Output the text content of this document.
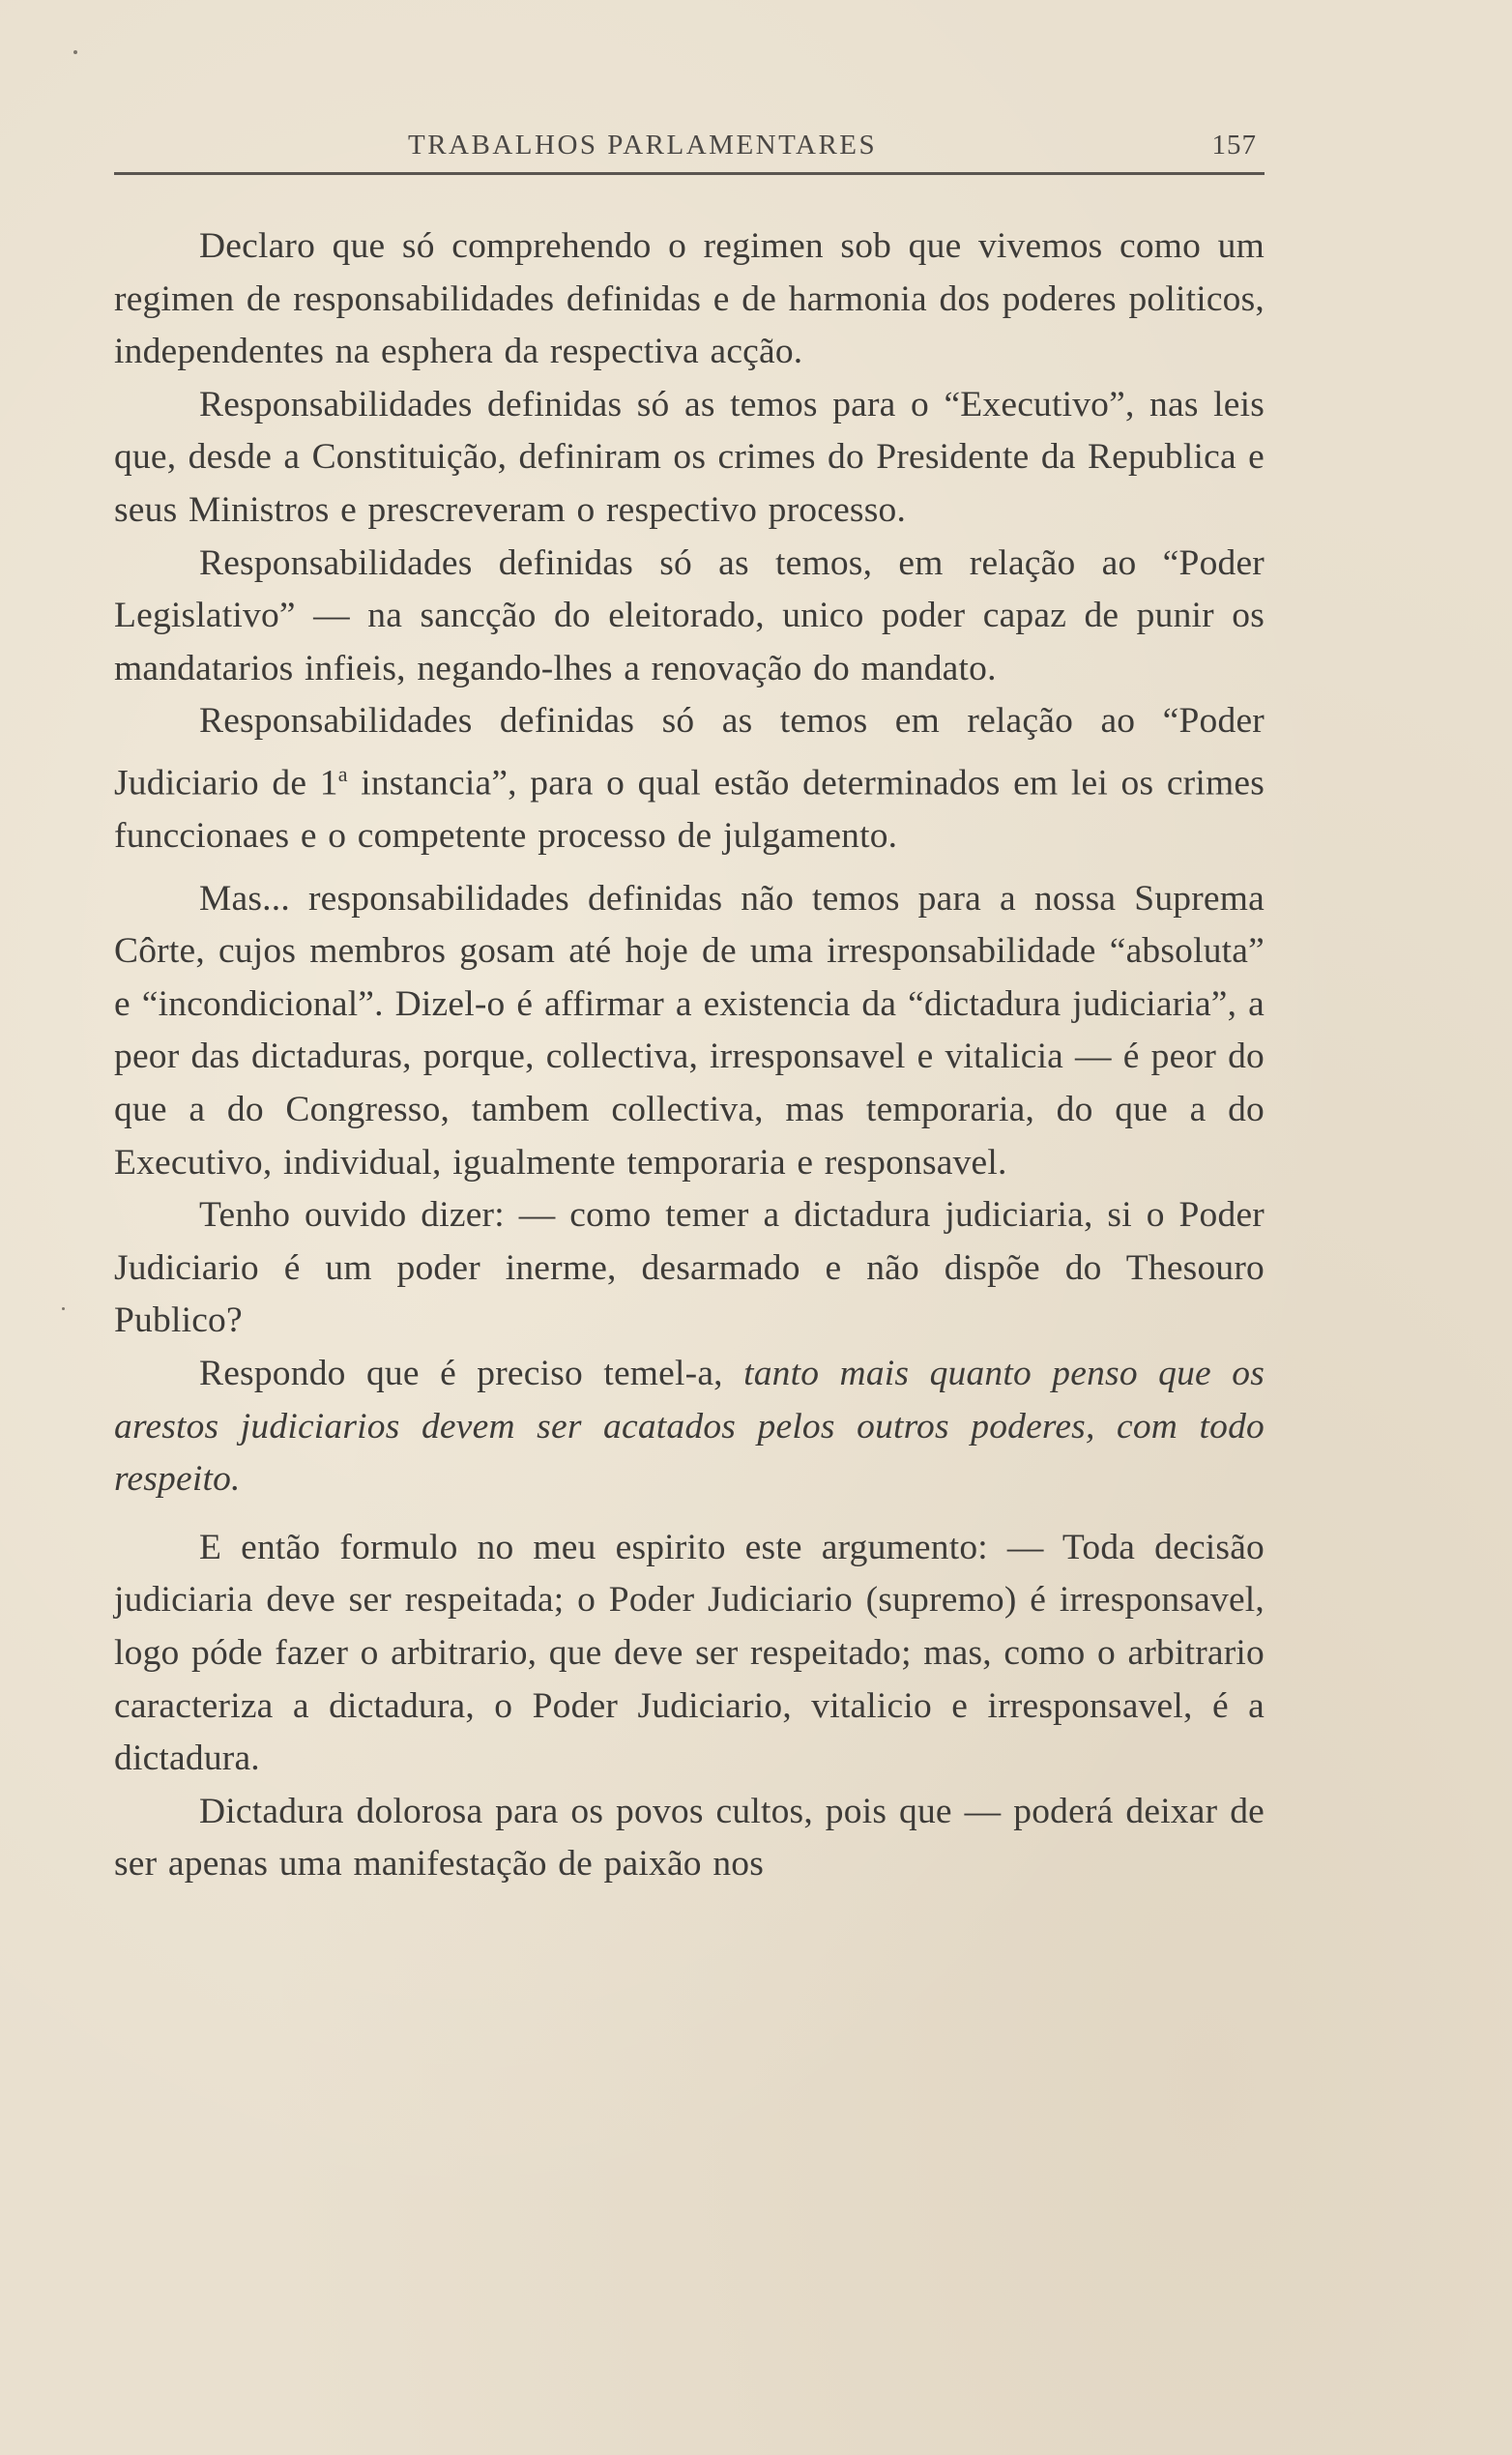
TRABALHOS PARLAMENTARES	157

Declaro que só comprehendo o regimen sob que vivemos como um regimen de responsabilidades definidas e de harmonia dos poderes politicos, independentes na esphera da respectiva acção.

Responsabilidades definidas só as temos para o “Executivo”, nas leis que, desde a Constituição, definiram os crimes do Presidente da Republica e seus Ministros e prescreveram o respectivo processo.

Responsabilidades definidas só as temos, em relação ao “Poder Legislativo” — na sancção do eleitorado, unico poder capaz de punir os mandatarios infieis, negando-lhes a renovação do mandato.

Responsabilidades definidas só as temos em relação ao “Poder Judiciario de 1$^a$ instancia”, para o qual estão determinados em lei os crimes funccionaes e o competente processo de julgamento.

Mas... responsabilidades definidas não temos para a nossa Suprema Côrte, cujos membros gosam até hoje de uma irresponsabilidade “absoluta” e “incondicional”. Dizel-o é affirmar a existencia da “dictadura judiciaria”, a peor das dictaduras, porque, collectiva, irresponsavel e vitalicia — é peor do que a do Congresso, tambem collectiva, mas temporaria, do que a do Executivo, individual, igualmente temporaria e responsavel.

Tenho ouvido dizer: — como temer a dictadura judiciaria, si o Poder Judiciario é um poder inerme, desarmado e não dispõe do Thesouro Publico?

Respondo que é preciso temel-a, tanto mais quanto penso que os arestos judiciarios devem ser acatados pelos outros poderes, com todo respeito.

E então formulo no meu espirito este argumento: — Toda decisão judiciaria deve ser respeitada; o Poder Judiciario (supremo) é irresponsavel, logo póde fazer o arbitrario, que deve ser respeitado; mas, como o arbitrario caracteriza a dictadura, o Poder Judiciario, vitalicio e irresponsavel, é a dictadura.

Dictadura dolorosa para os povos cultos, pois que — poderá deixar de ser apenas uma manifestação de paixão nos
